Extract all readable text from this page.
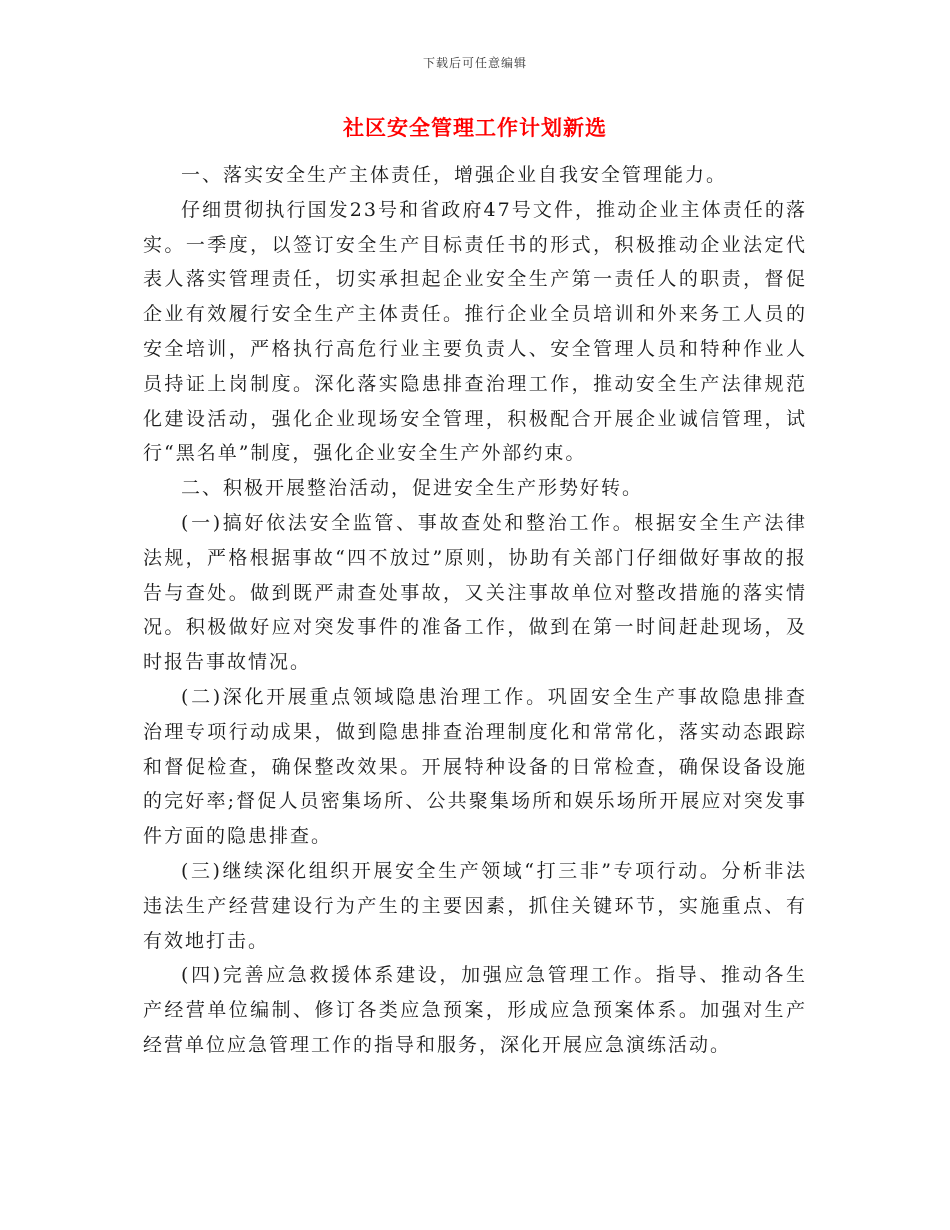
下载后可任意编辑
社区安全管理工作计划新选

一、落实安全生产主体责任，增强企业自我安全管理能力。

仔细贯彻执行国发23号和省政府47号文件，推动企业主体责任的落实。一季度，以签订安全生产目标责任书的形式，积极推动企业法定代表人落实管理责任，切实承担起企业安全生产第一责任人的职责，督促企业有效履行安全生产主体责任。推行企业全员培训和外来务工人员的安全培训，严格执行高危行业主要负责人、安全管理人员和特种作业人员持证上岗制度。深化落实隐患排查治理工作，推动安全生产法律规范化建设活动，强化企业现场安全管理，积极配合开展企业诚信管理，试行“黑名单”制度，强化企业安全生产外部约束。

二、积极开展整治活动，促进安全生产形势好转。

(一)搞好依法安全监管、事故查处和整治工作。根据安全生产法律法规，严格根据事故“四不放过”原则，协助有关部门仔细做好事故的报告与查处。做到既严肃查处事故，又关注事故单位对整改措施的落实情况。积极做好应对突发事件的准备工作，做到在第一时间赶赴现场，及时报告事故情况。

(二)深化开展重点领域隐患治理工作。巩固安全生产事故隐患排查治理专项行动成果，做到隐患排查治理制度化和常常化，落实动态跟踪和督促检查，确保整改效果。开展特种设备的日常检查，确保设备设施的完好率;督促人员密集场所、公共聚集场所和娱乐场所开展应对突发事件方面的隐患排查。

(三)继续深化组织开展安全生产领域“打三非”专项行动。分析非法违法生产经营建设行为产生的主要因素，抓住关键环节，实施重点、有有效地打击。

(四)完善应急救援体系建设，加强应急管理工作。指导、推动各生产经营单位编制、修订各类应急预案，形成应急预案体系。加强对生产经营单位应急管理工作的指导和服务，深化开展应急演练活动。
